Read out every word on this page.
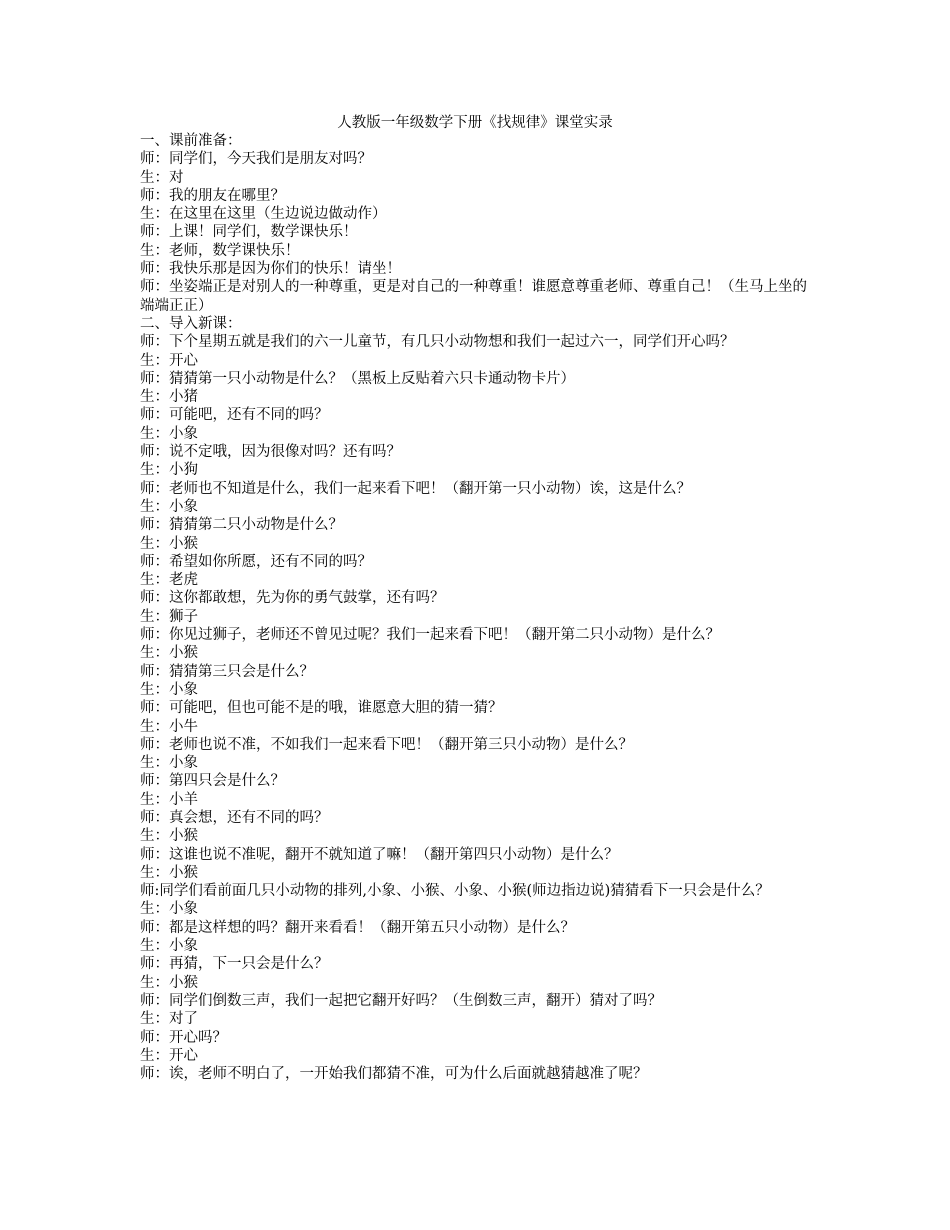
人教版一年级数学下册《找规律》课堂实录
一、课前准备：
师：同学们，今天我们是朋友对吗？
生：对
师：我的朋友在哪里？
生：在这里在这里（生边说边做动作）
师：上课！同学们，数学课快乐！
生：老师，数学课快乐！
师：我快乐那是因为你们的快乐！请坐！
师：坐姿端正是对别人的一种尊重，更是对自己的一种尊重！谁愿意尊重老师、尊重自己！（生马上坐的端端正正）
二、导入新课：
师：下个星期五就是我们的六一儿童节，有几只小动物想和我们一起过六一，同学们开心吗？
生：开心
师：猜猜第一只小动物是什么？（黑板上反贴着六只卡通动物卡片）
生：小猪
师：可能吧，还有不同的吗？
生：小象
师：说不定哦，因为很像对吗？还有吗？
生：小狗
师：老师也不知道是什么，我们一起来看下吧！（翻开第一只小动物）诶，这是什么？
生：小象
师：猜猜第二只小动物是什么？
生：小猴
师：希望如你所愿，还有不同的吗？
生：老虎
师：这你都敢想，先为你的勇气鼓掌，还有吗？
生：狮子
师：你见过狮子，老师还不曾见过呢？我们一起来看下吧！（翻开第二只小动物）是什么？
生：小猴
师：猜猜第三只会是什么？
生：小象
师：可能吧，但也可能不是的哦，谁愿意大胆的猜一猜？
生：小牛
师：老师也说不准，不如我们一起来看下吧！（翻开第三只小动物）是什么？
生：小象
师：第四只会是什么？
生：小羊
师：真会想，还有不同的吗？
生：小猴
师：这谁也说不准呢，翻开不就知道了嘛！（翻开第四只小动物）是什么？
生：小猴
师:同学们看前面几只小动物的排列,小象、小猴、小象、小猴(师边指边说)猜猜看下一只会是什么？
生：小象
师：都是这样想的吗？翻开来看看！（翻开第五只小动物）是什么？
生：小象
师：再猜，下一只会是什么？
生：小猴
师：同学们倒数三声，我们一起把它翻开好吗？（生倒数三声，翻开）猜对了吗？
生：对了
师：开心吗？
生：开心
师：诶，老师不明白了，一开始我们都猜不准，可为什么后面就越猜越准了呢？
